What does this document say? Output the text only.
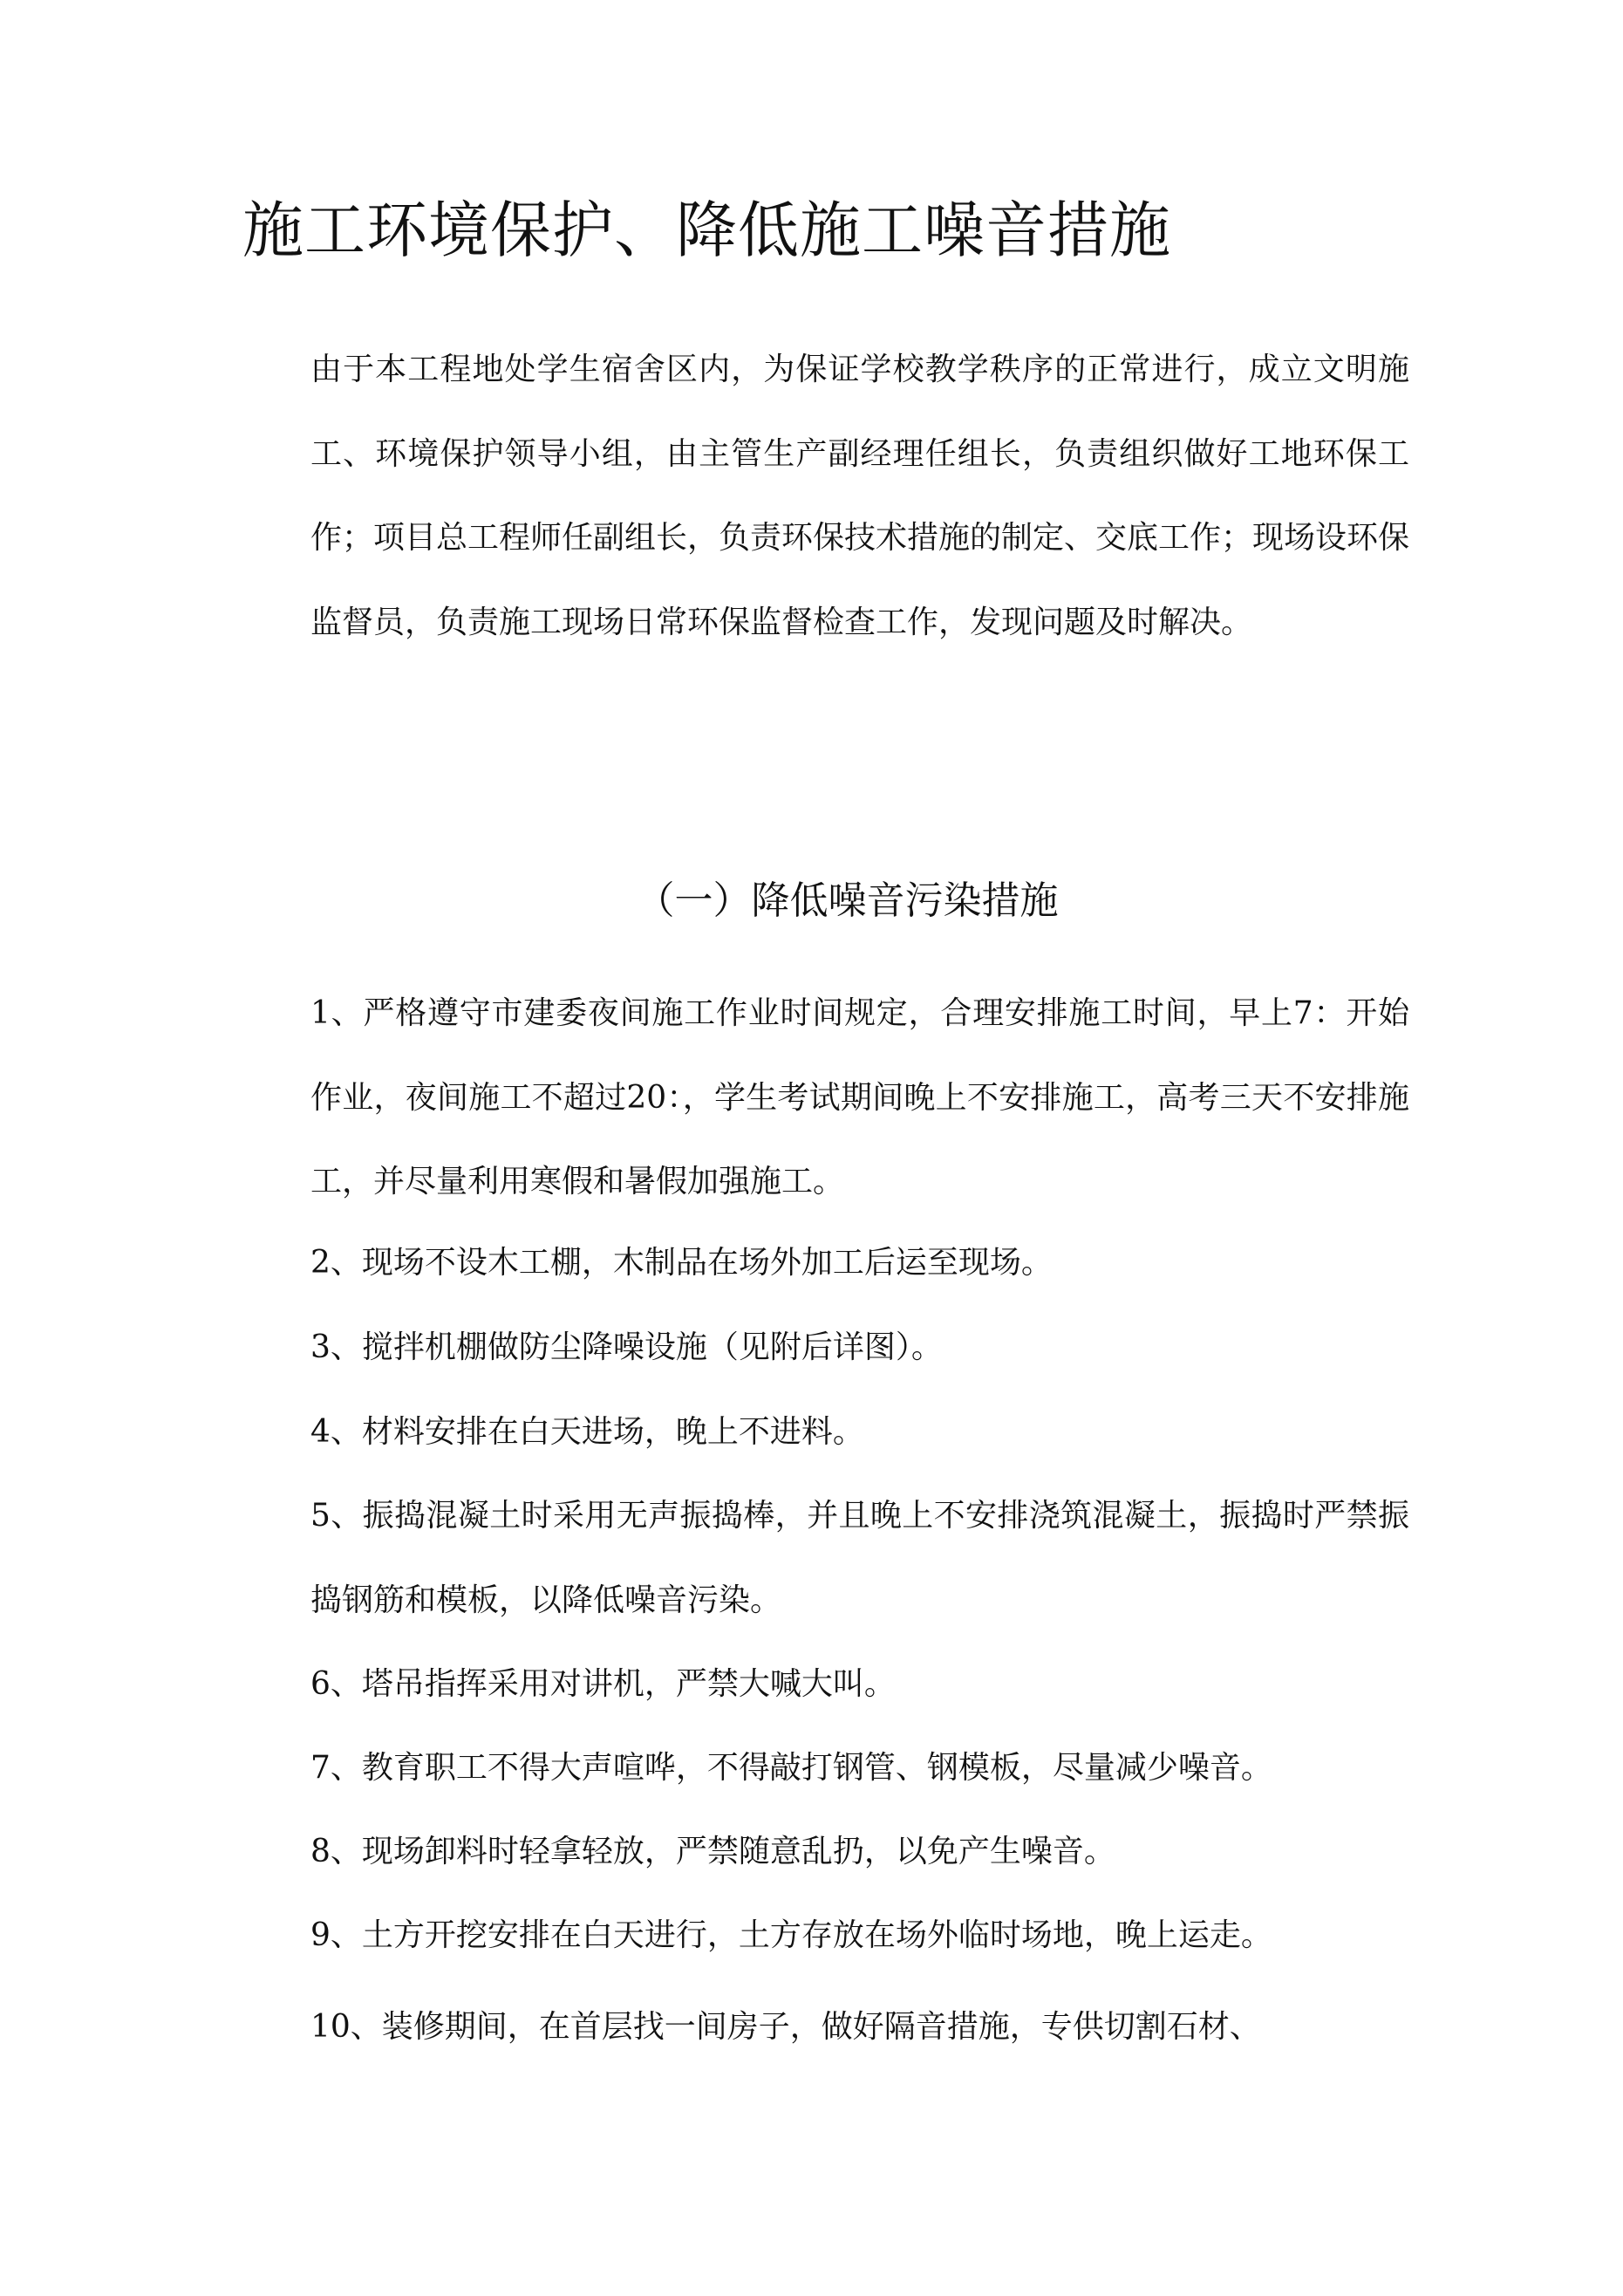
施工环境保护、降低施工噪音措施
由于本工程地处学生宿舍区内，为保证学校教学秩序的正常进行，成立文明施工、环境保护领导小组，由主管生产副经理任组长，负责组织做好工地环保工作；项目总工程师任副组长，负责环保技术措施的制定、交底工作；现场设环保监督员，负责施工现场日常环保监督检查工作，发现问题及时解决。
（一）降低噪音污染措施
1、严格遵守市建委夜间施工作业时间规定，合理安排施工时间，早上7：开始作业，夜间施工不超过20：，学生考试期间晚上不安排施工，高考三天不安排施工，并尽量利用寒假和暑假加强施工。
2、现场不设木工棚，木制品在场外加工后运至现场。
3、搅拌机棚做防尘降噪设施（见附后详图）。
4、材料安排在白天进场，晚上不进料。
5、振捣混凝土时采用无声振捣棒，并且晚上不安排浇筑混凝土，振捣时严禁振捣钢筋和模板，以降低噪音污染。
6、塔吊指挥采用对讲机，严禁大喊大叫。
7、教育职工不得大声喧哗，不得敲打钢管、钢模板，尽量减少噪音。
8、现场卸料时轻拿轻放，严禁随意乱扔，以免产生噪音。
9、土方开挖安排在白天进行，土方存放在场外临时场地，晚上运走。
10、装修期间，在首层找一间房子，做好隔音措施，专供切割石材、
